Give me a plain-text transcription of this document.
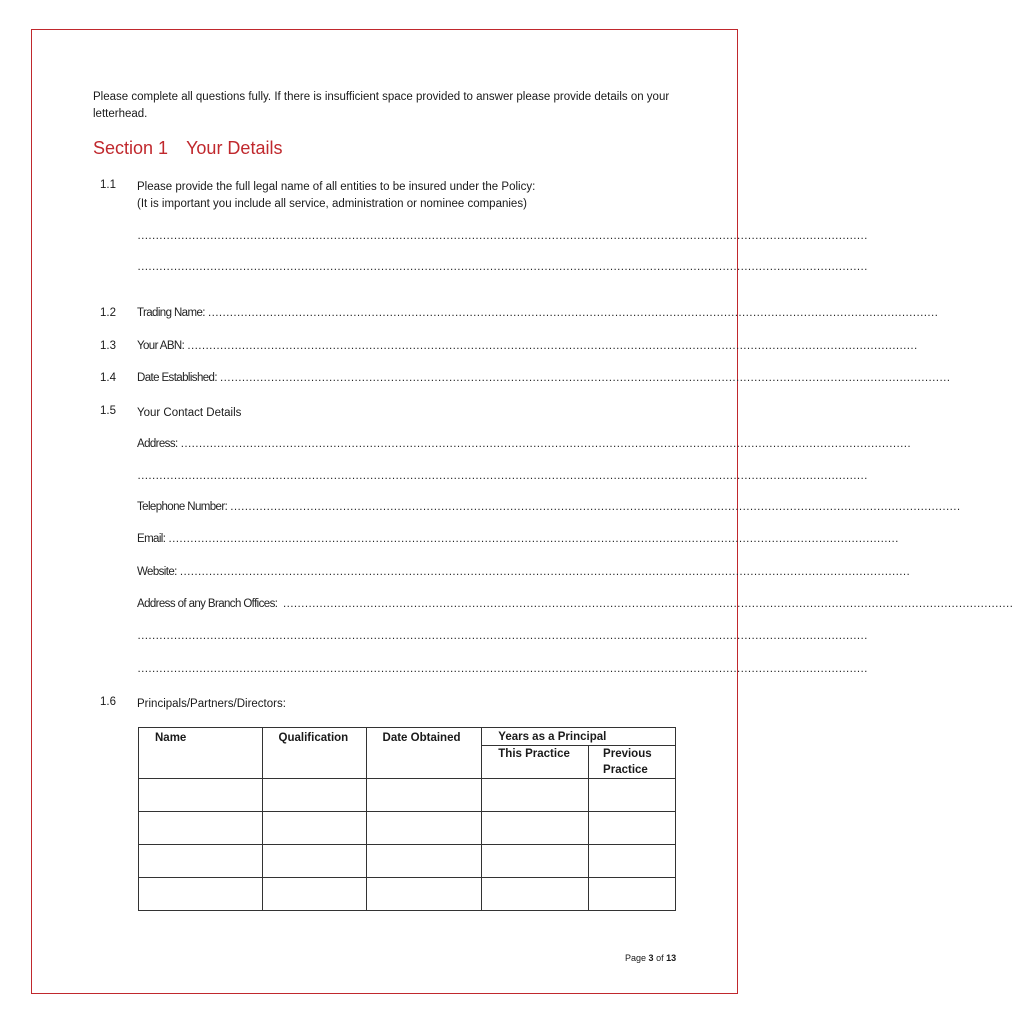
Please complete all questions fully. If there is insufficient space provided to answer please provide details on your letterhead.
Section 1 Your Details
1.1 Please provide the full legal name of all entities to be insured under the Policy:
(It is important you include all service, administration or nominee companies)
…………………………………………………………………………………………………………………………………………………………………………………
…………………………………………………………………………………………………………………………………………………………………………………
1.2 Trading Name: …………………………………………………………………………………………………………………………………………………………………………………
1.3 Your ABN: …………………………………………………………………………………………………………………………………………………………………………………
1.4 Date Established: …………………………………………………………………………………………………………………………………………………………………………………
1.5 Your Contact Details
Address: …………………………………………………………………………………………………………………………………………………………………………………
…………………………………………………………………………………………………………………………………………………………………………………
Telephone Number: …………………………………………………………………………………………………………………………………………………………………………………
Email: …………………………………………………………………………………………………………………………………………………………………………………
Website: …………………………………………………………………………………………………………………………………………………………………………………
Address of any Branch Offices: …………………………………………………………………………………………………………………………………………………………………………………
…………………………………………………………………………………………………………………………………………………………………………………
…………………………………………………………………………………………………………………………………………………………………………………
1.6 Principals/Partners/Directors:
Name	Qualification	Date Obtained	Years as a Principal	

			This Practice	Previous Practice

Page 3 of 13
